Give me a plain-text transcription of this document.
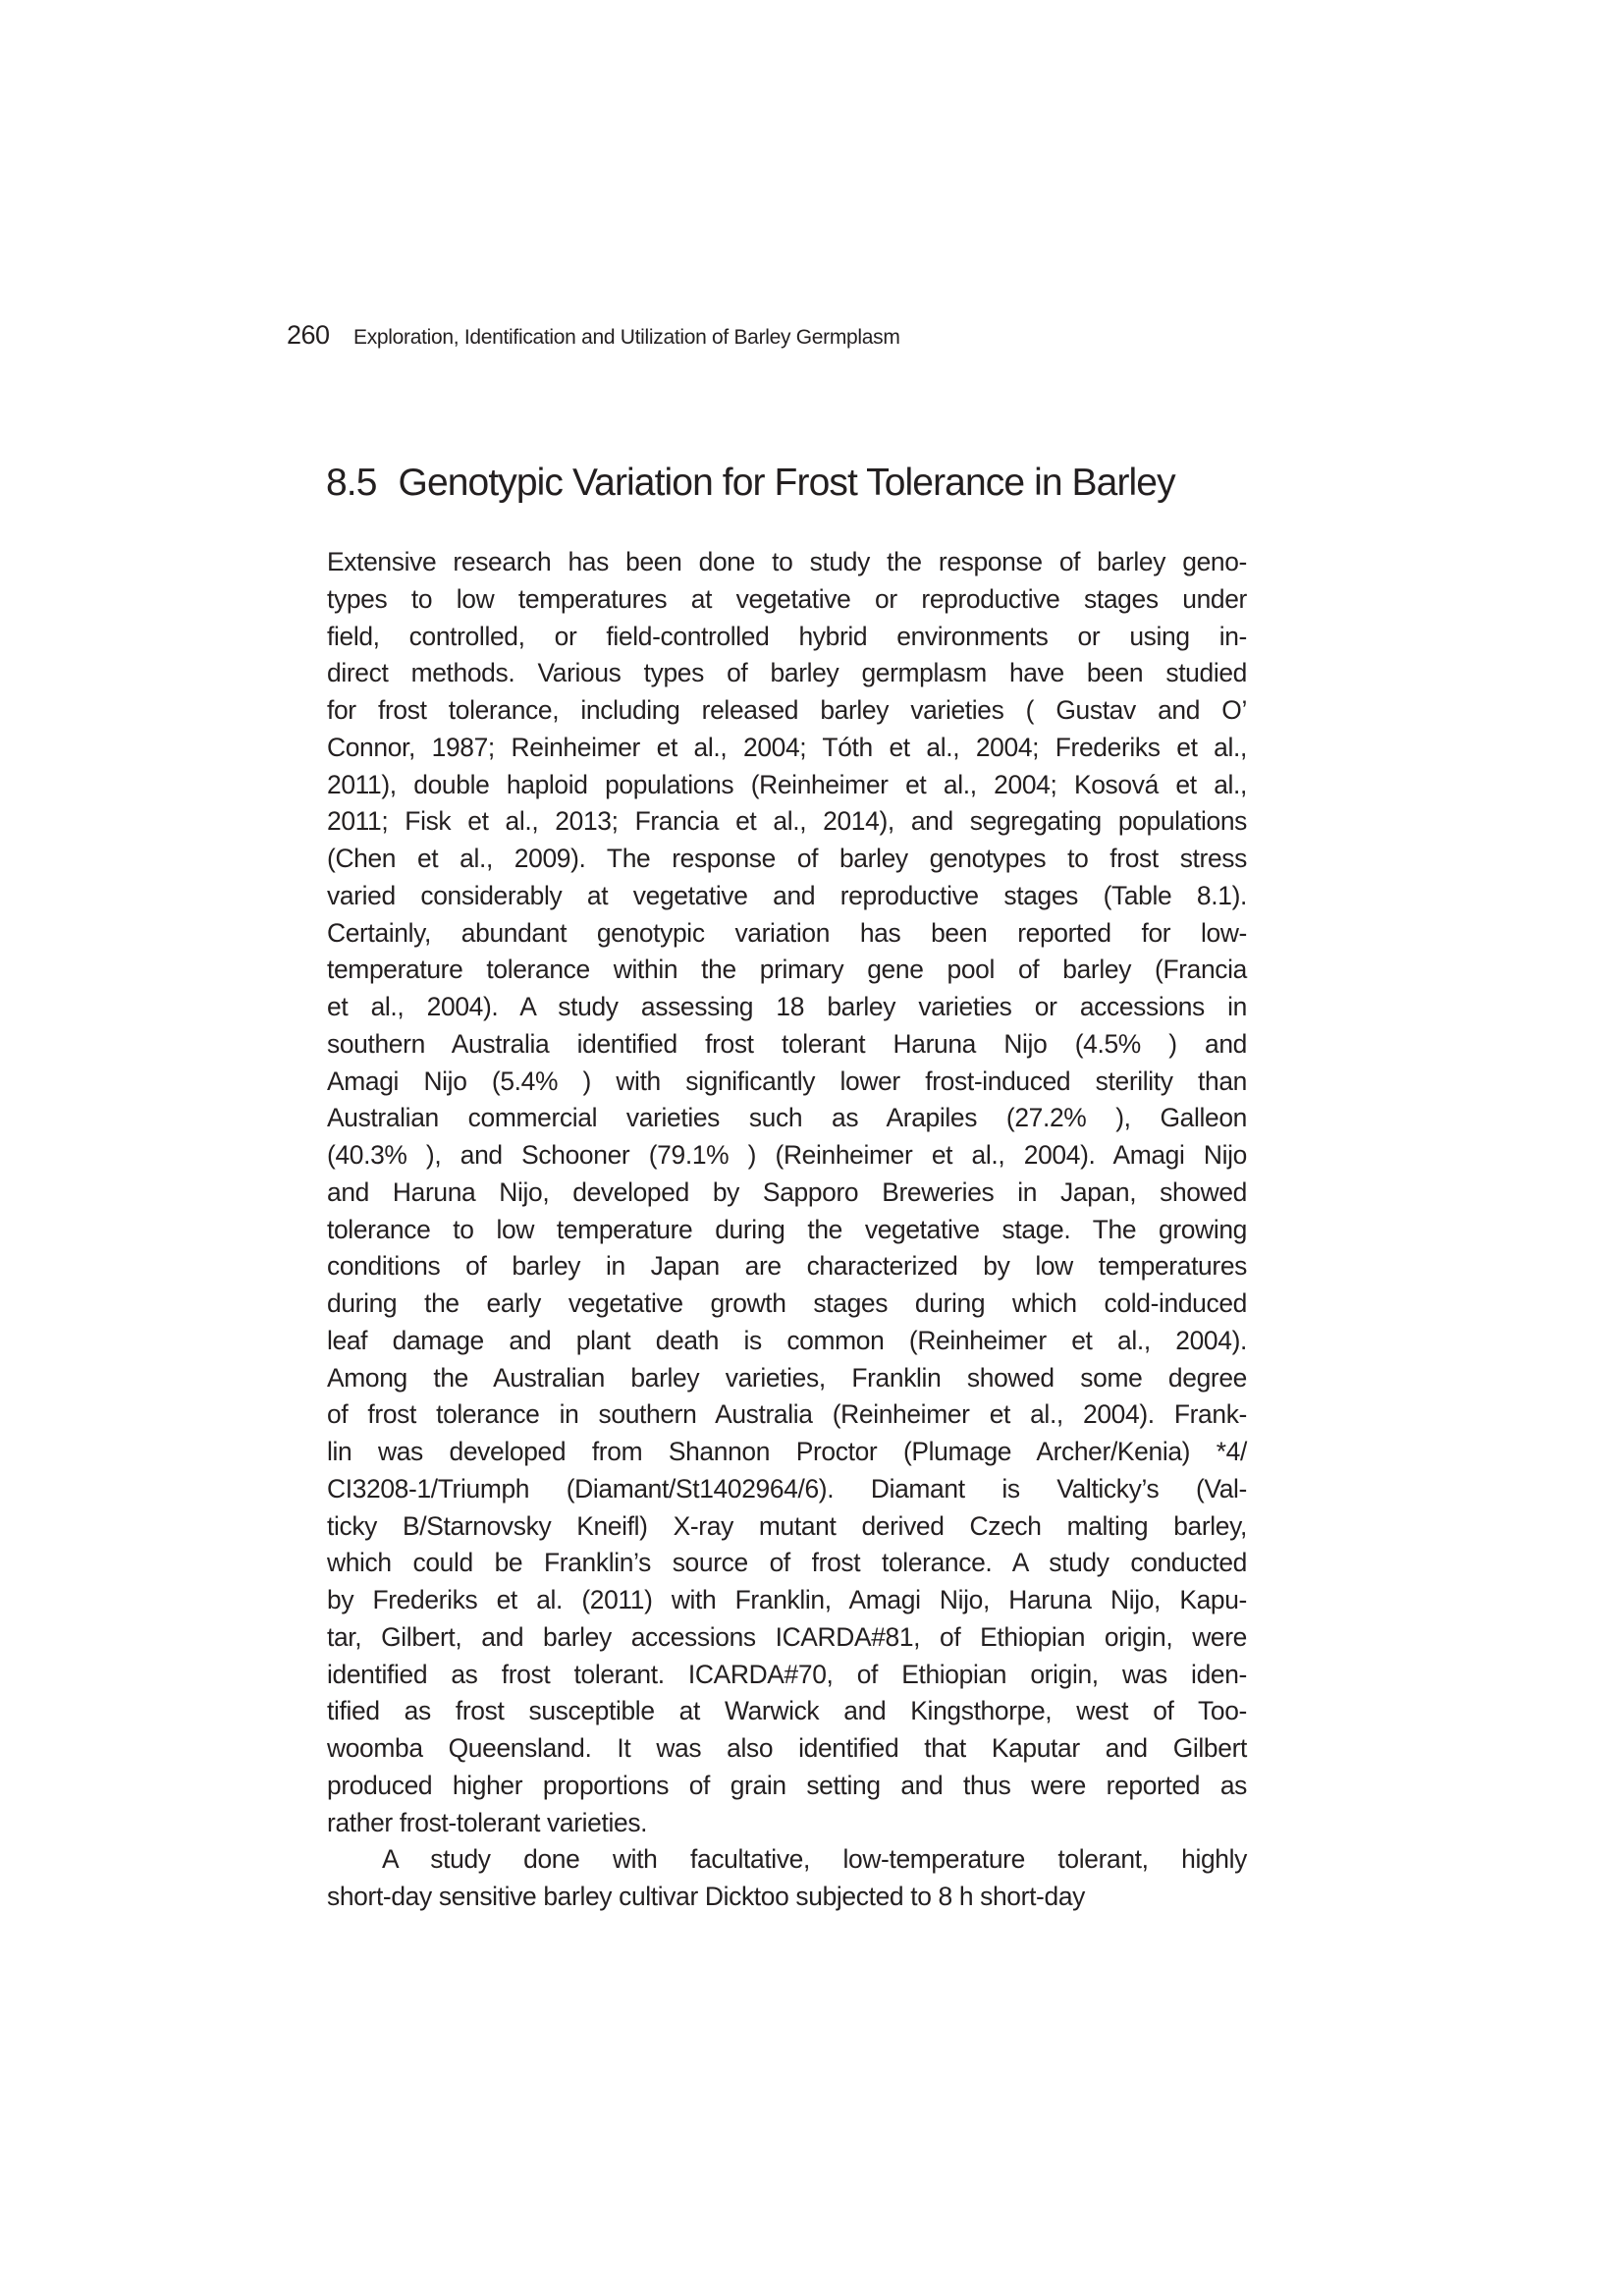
260 Exploration, Identification and Utilization of Barley Germplasm
8.5 Genotypic Variation for Frost Tolerance in Barley
Extensive research has been done to study the response of barley geno-
types to low temperatures at vegetative or reproductive stages under
field, controlled, or field-controlled hybrid environments or using in-
direct methods. Various types of barley germplasm have been studied
for frost tolerance, including released barley varieties ( Gustav and O’
Connor, 1987; Reinheimer et al., 2004; Tóth et al., 2004; Frederiks et al.,
2011), double haploid populations (Reinheimer et al., 2004; Kosová et al.,
2011; Fisk et al., 2013; Francia et al., 2014), and segregating populations
(Chen et al., 2009). The response of barley genotypes to frost stress
varied considerably at vegetative and reproductive stages (Table 8.1).
Certainly, abundant genotypic variation has been reported for low-
temperature tolerance within the primary gene pool of barley (Francia
et al., 2004). A study assessing 18 barley varieties or accessions in
southern Australia identified frost tolerant Haruna Nijo (4.5% ) and
Amagi Nijo (5.4% ) with significantly lower frost-induced sterility than
Australian commercial varieties such as Arapiles (27.2% ), Galleon
(40.3% ), and Schooner (79.1% ) (Reinheimer et al., 2004). Amagi Nijo
and Haruna Nijo, developed by Sapporo Breweries in Japan, showed
tolerance to low temperature during the vegetative stage. The growing
conditions of barley in Japan are characterized by low temperatures
during the early vegetative growth stages during which cold-induced
leaf damage and plant death is common (Reinheimer et al., 2004).
Among the Australian barley varieties, Franklin showed some degree
of frost tolerance in southern Australia (Reinheimer et al., 2004). Frank-
lin was developed from Shannon Proctor (Plumage Archer/Kenia) *4/
CI3208-1/Triumph (Diamant/St1402964/6). Diamant is Valticky’s (Val-
ticky B/Starnovsky Kneifl) X-ray mutant derived Czech malting barley,
which could be Franklin’s source of frost tolerance. A study conducted
by Frederiks et al. (2011) with Franklin, Amagi Nijo, Haruna Nijo, Kapu-
tar, Gilbert, and barley accessions ICARDA#81, of Ethiopian origin, were
identified as frost tolerant. ICARDA#70, of Ethiopian origin, was iden-
tified as frost susceptible at Warwick and Kingsthorpe, west of Too-
woomba Queensland. It was also identified that Kaputar and Gilbert
produced higher proportions of grain setting and thus were reported as
rather frost-tolerant varieties.
A study done with facultative, low-temperature tolerant, highly
short-day sensitive barley cultivar Dicktoo subjected to 8 h short-day
